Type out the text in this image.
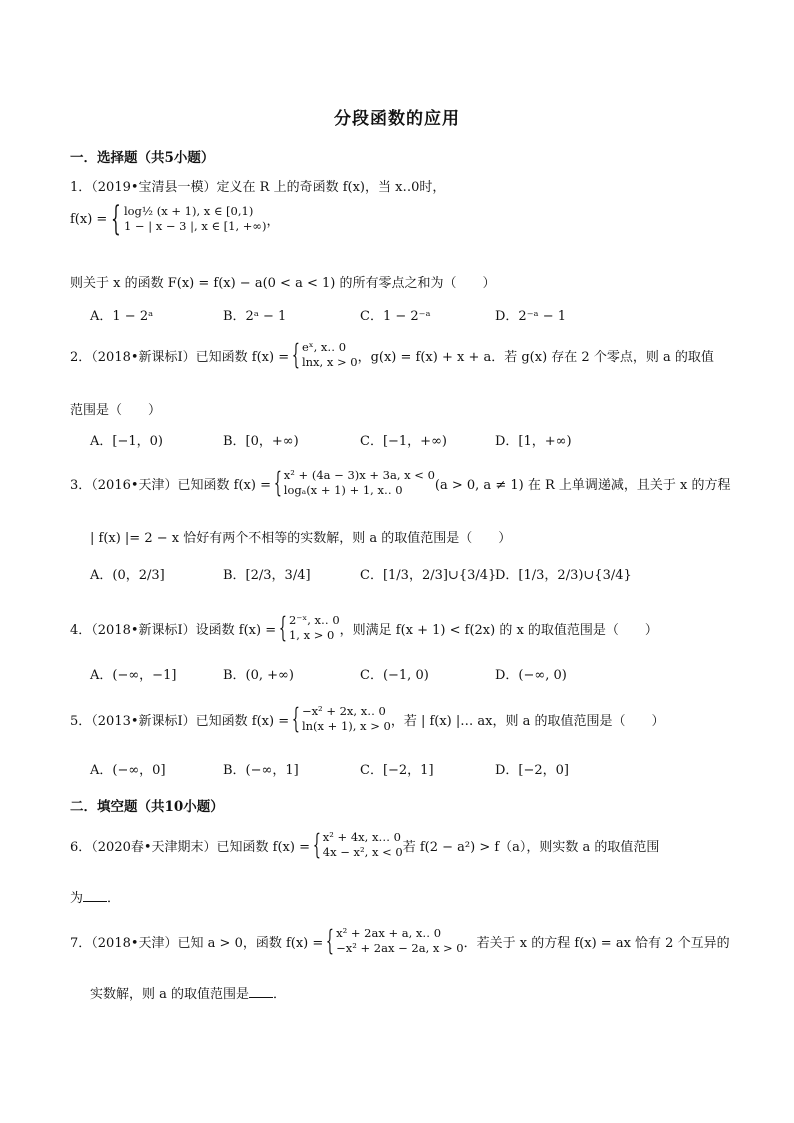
分段函数的应用
一．选择题（共5小题）
1．（2019•宝清县一模）定义在 R 上的奇函数 f(x)，当 x‥0时，
f(x) = { log½ (x + 1), x ∈ [0,1)
1 − | x − 3 |, x ∈ [1, +∞) ，
则关于 x 的函数 F(x) = f(x) − a(0 < a < 1) 的所有零点之和为（　　）
A．1 − 2ᵃ	B．2ᵃ − 1	C．1 − 2⁻ᵃ	D．2⁻ᵃ − 1
2．（2018•新课标Ⅰ）已知函数 f(x) = { eˣ, x‥ 0
lnx, x > 0 ，g(x) = f(x) + x + a．若 g(x) 存在 2 个零点，则 a 的取值
范围是（　　）
A．[−1，0)	B．[0，+∞)	C．[−1，+∞)	D．[1，+∞)
3．（2016•天津）已知函数 f(x) = { x² + (4a − 3)x + 3a, x < 0
logₐ(x + 1) + 1, x‥ 0	(a > 0, a ≠ 1) 在 R 上单调递减，且关于 x 的方程
| f(x) |= 2 − x 恰好有两个不相等的实数解，则 a 的取值范围是（　　）
A．(0，2/3]	B．[2/3，3/4]	C．[1/3，2/3]∪{3/4}
D．[1/3，2/3)∪{3/4}
4．（2018•新课标Ⅰ）设函数 f(x) = { 2⁻ˣ, x‥ 0
1, x > 0 ，则满足 f(x + 1) < f(2x) 的 x 的取值范围是（　　）
A．(−∞，−1]	B．(0, +∞)	C．(−1, 0)	D．(−∞, 0)
5．（2013•新课标Ⅰ）已知函数 f(x) = { −x² + 2x, x‥ 0
ln(x + 1), x > 0 ，若 | f(x) |… ax，则 a 的取值范围是（　　）
A．(−∞，0]	B．(−∞，1]	C．[−2，1]	D．[−2，0]
二．填空题（共10小题）
6．（2020春•天津期末）已知函数 f(x) = { x² + 4x, x… 0
4x − x², x < 0 若 f(2 − a²) > f（a），则实数 a 的取值范围
为 ．
7．（2018•天津）已知 a > 0，函数 f(x) = { x² + 2ax + a, x‥ 0
−x² + 2ax − 2a, x > 0 ．若关于 x 的方程 f(x) = ax 恰有 2 个互异的
实数解，则 a 的取值范围是 ．
